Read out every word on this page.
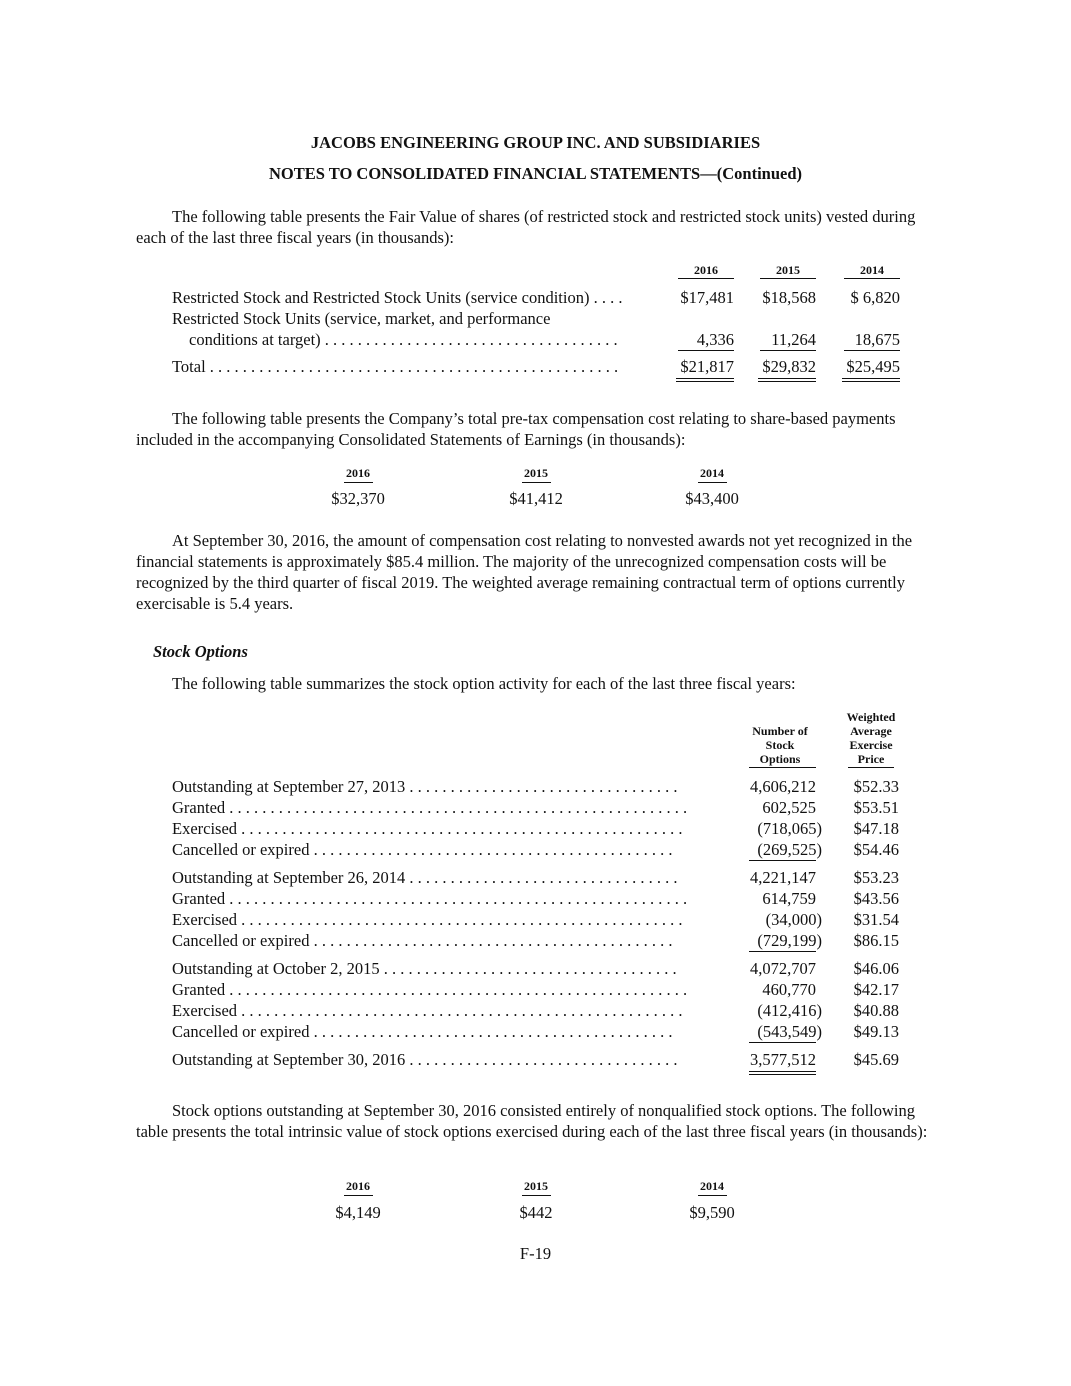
JACOBS ENGINEERING GROUP INC. AND SUBSIDIARIES
NOTES TO CONSOLIDATED FINANCIAL STATEMENTS—(Continued)
The following table presents the Fair Value of shares (of restricted stock and restricted stock units) vested during each of the last three fiscal years (in thousands):
2016	2015	2014
Restricted Stock and Restricted Stock Units (service condition) . . . .	$17,481	$18,568	$ 6,820
Restricted Stock Units (service, market, and performance
conditions at target) . . . . . . . . . . . . . . . . . . . . . . . . . . . . . . . . . . . .	4,336	11,264	18,675
Total . . . . . . . . . . . . . . . . . . . . . . . . . . . . . . . . . . . . . . . . . . . . . . . . . .	$21,817	$29,832	$25,495
The following table presents the Company’s total pre-tax compensation cost relating to share-based payments included in the accompanying Consolidated Statements of Earnings (in thousands):
2016	2015	2014
$32,370	$41,412	$43,400
At September 30, 2016, the amount of compensation cost relating to nonvested awards not yet recognized in the financial statements is approximately $85.4 million. The majority of the unrecognized compensation costs will be recognized by the third quarter of fiscal 2019. The weighted average remaining contractual term of options currently exercisable is 5.4 years.
Stock Options
The following table summarizes the stock option activity for each of the last three fiscal years:
Number of Stock Options
Weighted Average Exercise Price
Outstanding at September 27, 2013 . . . . . . . . . . . . . . . . . . . . . . . . . . . . . . . . .	4,606,212	$52.33
Granted . . . . . . . . . . . . . . . . . . . . . . . . . . . . . . . . . . . . . . . . . . . . . . . . . . . . . . . .	602,525	$53.51
Exercised . . . . . . . . . . . . . . . . . . . . . . . . . . . . . . . . . . . . . . . . . . . . . . . . . . . . . .	(718,065)	$47.18
Cancelled or expired . . . . . . . . . . . . . . . . . . . . . . . . . . . . . . . . . . . . . . . . . . . .	(269,525)	$54.46
Outstanding at September 26, 2014 . . . . . . . . . . . . . . . . . . . . . . . . . . . . . . . . .	4,221,147	$53.23
Granted . . . . . . . . . . . . . . . . . . . . . . . . . . . . . . . . . . . . . . . . . . . . . . . . . . . . . . . .	614,759	$43.56
Exercised . . . . . . . . . . . . . . . . . . . . . . . . . . . . . . . . . . . . . . . . . . . . . . . . . . . . . .	(34,000)	$31.54
Cancelled or expired . . . . . . . . . . . . . . . . . . . . . . . . . . . . . . . . . . . . . . . . . . . .	(729,199)	$86.15
Outstanding at October 2, 2015 . . . . . . . . . . . . . . . . . . . . . . . . . . . . . . . . . . . .	4,072,707	$46.06
Granted . . . . . . . . . . . . . . . . . . . . . . . . . . . . . . . . . . . . . . . . . . . . . . . . . . . . . . . .	460,770	$42.17
Exercised . . . . . . . . . . . . . . . . . . . . . . . . . . . . . . . . . . . . . . . . . . . . . . . . . . . . . .	(412,416)	$40.88
Cancelled or expired . . . . . . . . . . . . . . . . . . . . . . . . . . . . . . . . . . . . . . . . . . . .	(543,549)	$49.13
Outstanding at September 30, 2016 . . . . . . . . . . . . . . . . . . . . . . . . . . . . . . . . .	3,577,512	$45.69
Stock options outstanding at September 30, 2016 consisted entirely of nonqualified stock options. The following table presents the total intrinsic value of stock options exercised during each of the last three fiscal years (in thousands):
2016	2015	2014
$4,149	$442	$9,590
F-19
